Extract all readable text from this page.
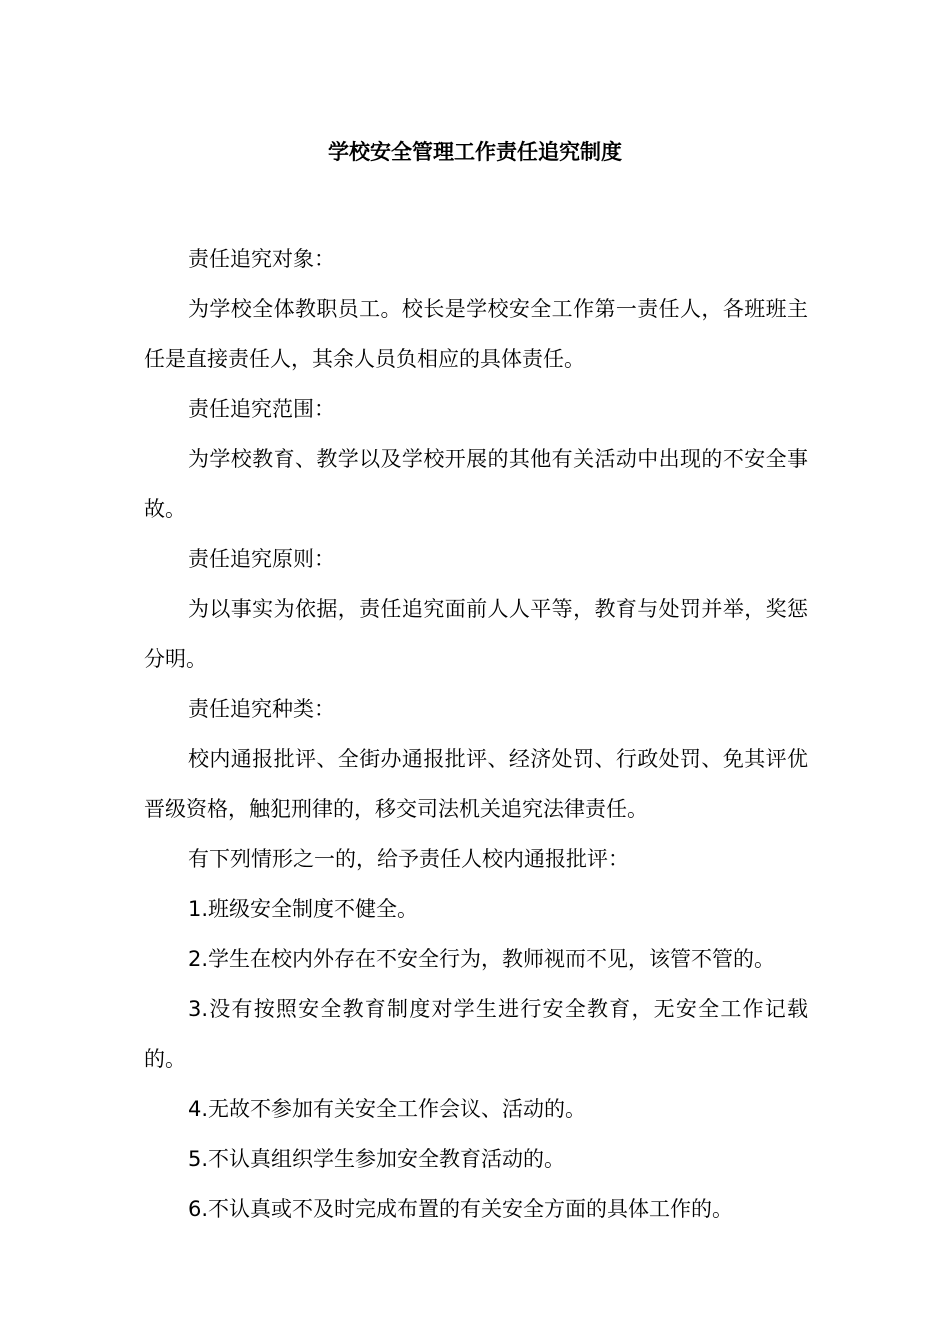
学校安全管理工作责任追究制度

责任追究对象：

为学校全体教职员工。校长是学校安全工作第一责任人，各班班主任是直接责任人，其余人员负相应的具体责任。

责任追究范围：

为学校教育、教学以及学校开展的其他有关活动中出现的不安全事故。

责任追究原则：

为以事实为依据，责任追究面前人人平等，教育与处罚并举，奖惩分明。

责任追究种类：

校内通报批评、全街办通报批评、经济处罚、行政处罚、免其评优晋级资格，触犯刑律的，移交司法机关追究法律责任。

有下列情形之一的，给予责任人校内通报批评：

1.班级安全制度不健全。

2.学生在校内外存在不安全行为，教师视而不见，该管不管的。

3.没有按照安全教育制度对学生进行安全教育，无安全工作记载的。

4.无故不参加有关安全工作会议、活动的。

5.不认真组织学生参加安全教育活动的。

6.不认真或不及时完成布置的有关安全方面的具体工作的。
